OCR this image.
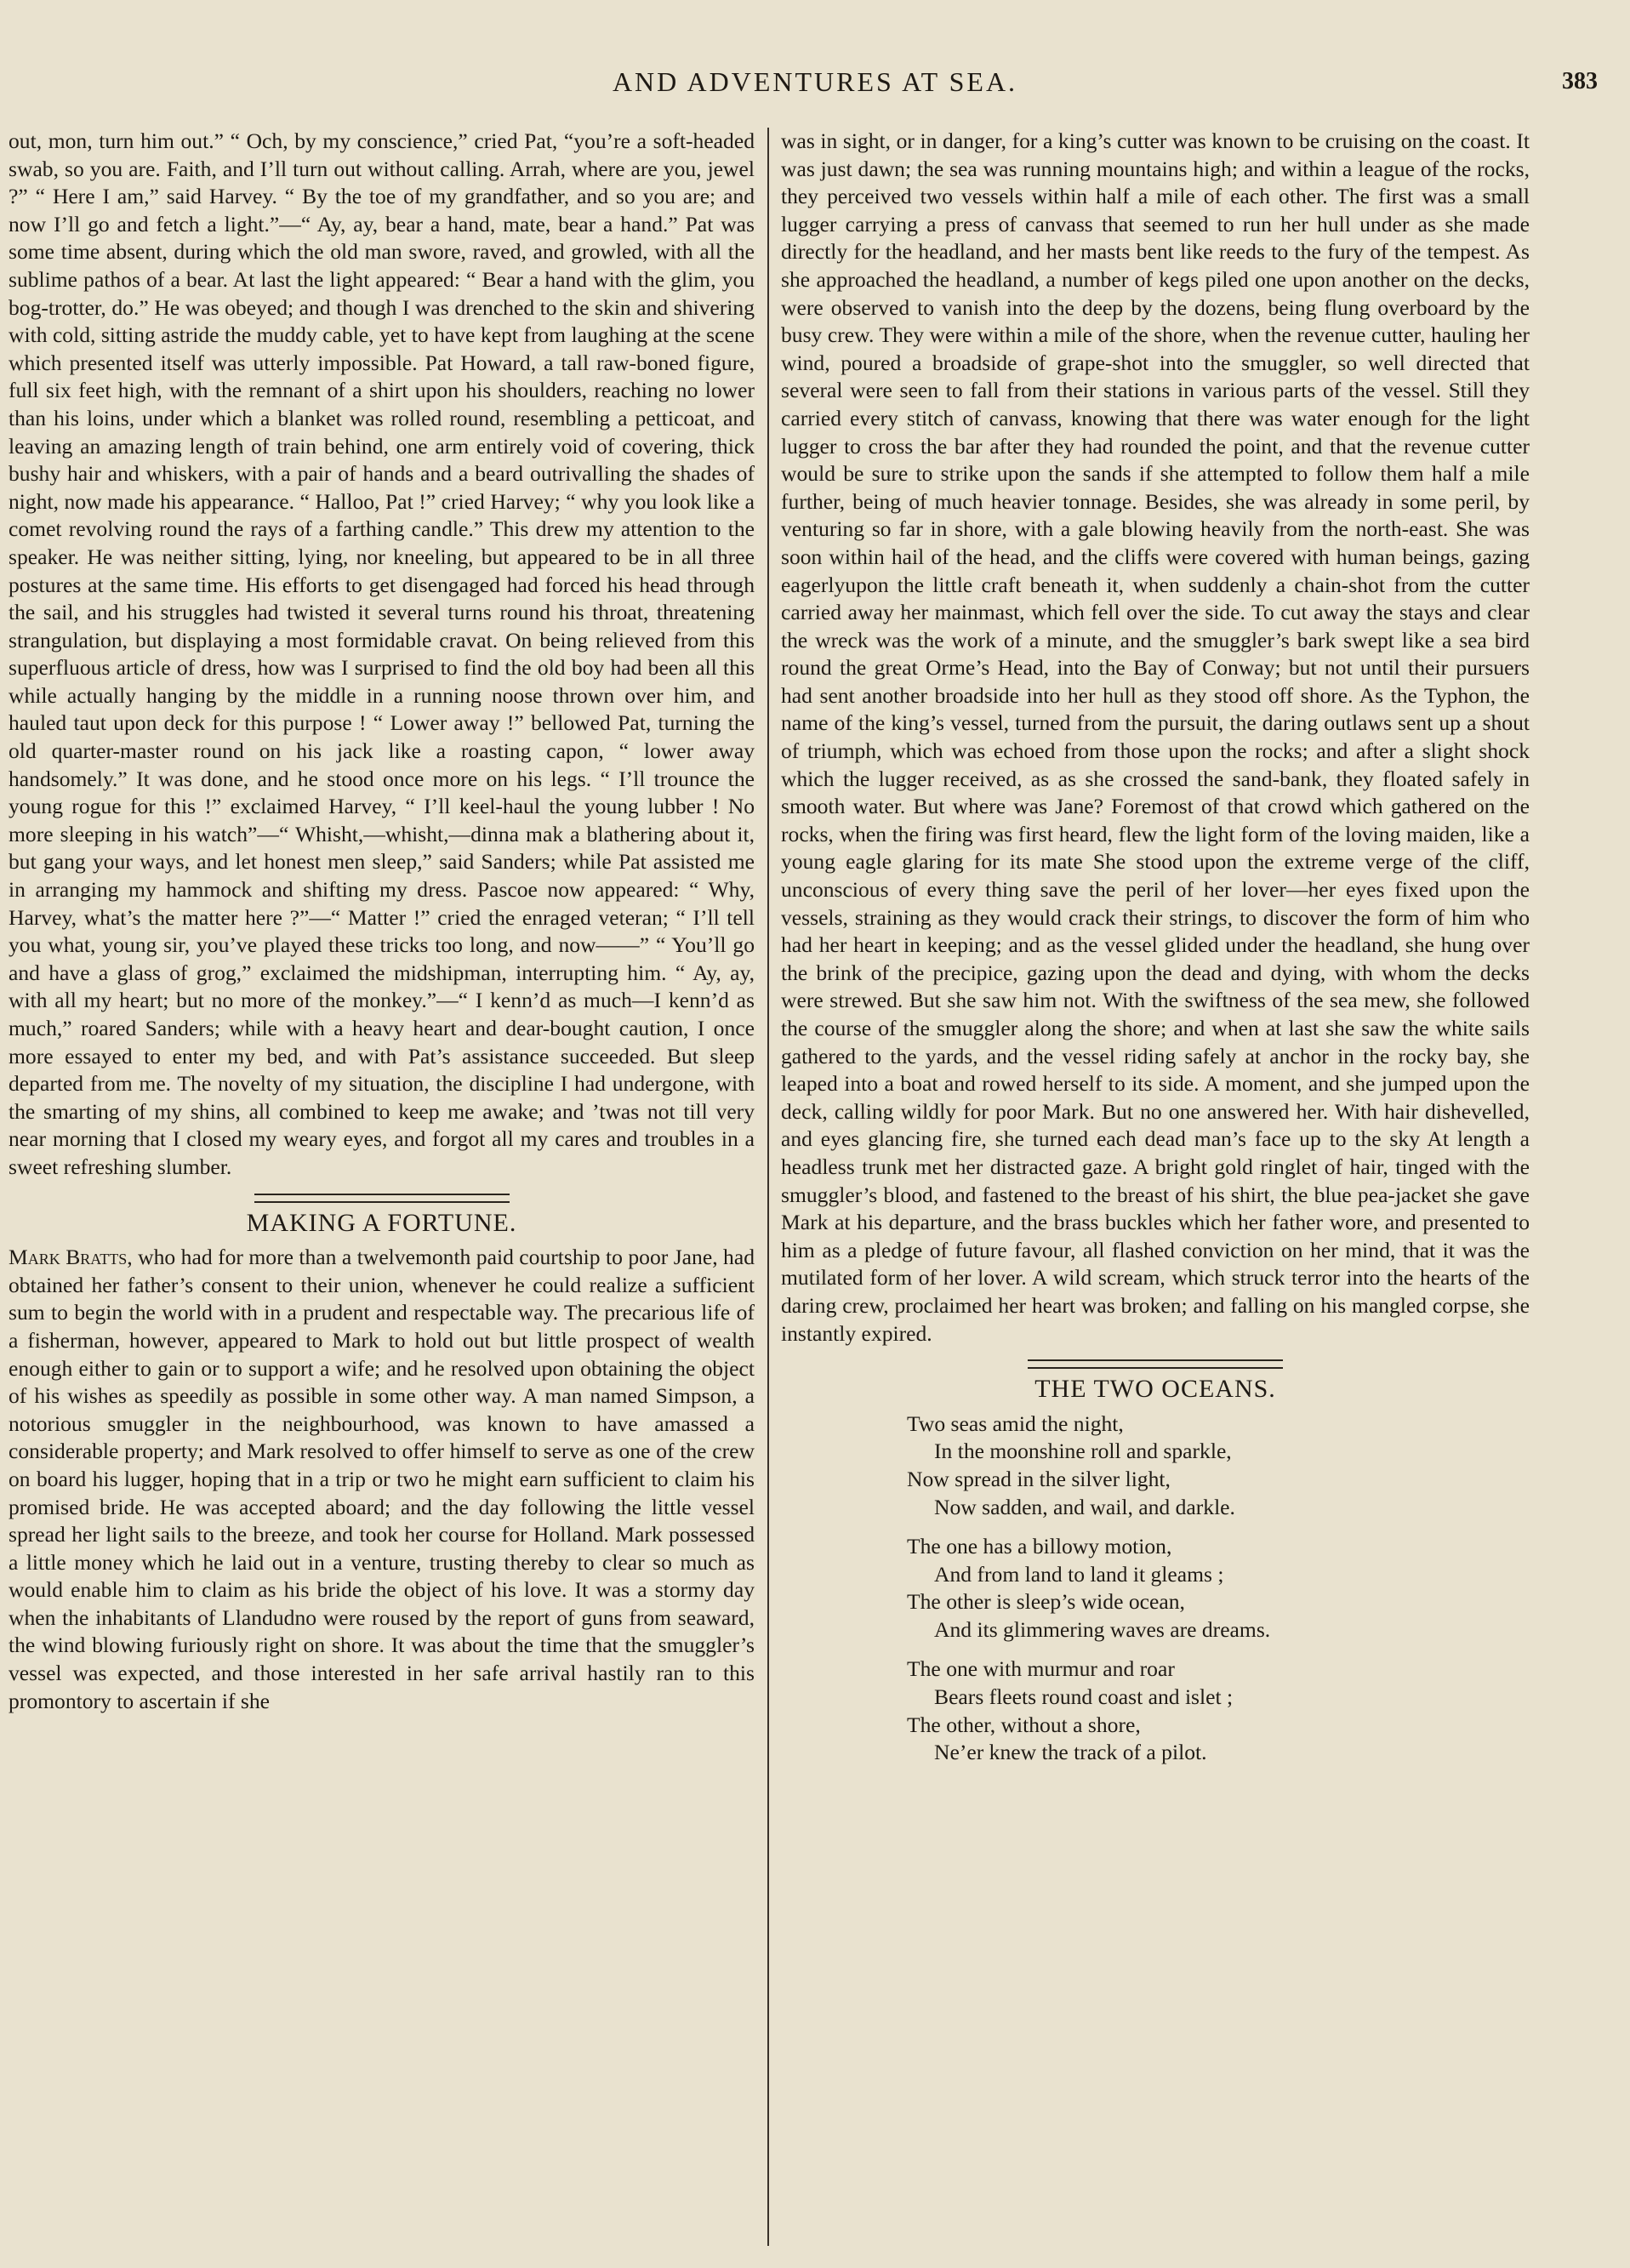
AND ADVENTURES AT SEA.	383

out, mon, turn him out.” “ Och, by my conscience,” cried Pat, “you’re a soft-headed swab, so you are. Faith, and I’ll turn out without calling. Arrah, where are you, jewel ?” “ Here I am,” said Harvey. “ By the toe of my grandfather, and so you are; and now I’ll go and fetch a light.”—“ Ay, ay, bear a hand, mate, bear a hand.” Pat was some time absent, during which the old man swore, raved, and growled, with all the sublime pathos of a bear. At last the light appeared: “ Bear a hand with the glim, you bog-trotter, do.” He was obeyed; and though I was drenched to the skin and shivering with cold, sitting astride the muddy cable, yet to have kept from laughing at the scene which presented itself was utterly impossible. Pat Howard, a tall raw-boned figure, full six feet high, with the remnant of a shirt upon his shoulders, reaching no lower than his loins, under which a blanket was rolled round, resembling a petticoat, and leaving an amazing length of train behind, one arm entirely void of covering, thick bushy hair and whiskers, with a pair of hands and a beard outrivalling the shades of night, now made his appearance. “ Halloo, Pat !” cried Harvey; “ why you look like a comet revolving round the rays of a farthing candle.” This drew my attention to the speaker. He was neither sitting, lying, nor kneeling, but appeared to be in all three postures at the same time. His efforts to get disengaged had forced his head through the sail, and his struggles had twisted it several turns round his throat, threatening strangulation, but displaying a most formidable cravat. On being relieved from this superfluous article of dress, how was I surprised to find the old boy had been all this while actually hanging by the middle in a running noose thrown over him, and hauled taut upon deck for this purpose ! “ Lower away !” bellowed Pat, turning the old quarter-master round on his jack like a roasting capon, “ lower away handsomely.” It was done, and he stood once more on his legs. “ I’ll trounce the young rogue for this !” exclaimed Harvey, “ I’ll keel-haul the young lubber ! No more sleeping in his watch”—“ Whisht,—whisht,—dinna mak a blathering about it, but gang your ways, and let honest men sleep,” said Sanders; while Pat assisted me in arranging my hammock and shifting my dress. Pascoe now appeared: “ Why, Harvey, what’s the matter here ?”—“ Matter !” cried the enraged veteran; “ I’ll tell you what, young sir, you’ve played these tricks too long, and now——” “ You’ll go and have a glass of grog,” exclaimed the midshipman, interrupting him. “ Ay, ay, with all my heart; but no more of the monkey.”—“ I kenn’d as much—I kenn’d as much,” roared Sanders; while with a heavy heart and dear-bought caution, I once more essayed to enter my bed, and with Pat’s assistance succeeded. But sleep departed from me. The novelty of my situation, the discipline I had undergone, with the smarting of my shins, all combined to keep me awake; and ’twas not till very near morning that I closed my weary eyes, and forgot all my cares and troubles in a sweet refreshing slumber.

MAKING A FORTUNE.

Mark Bratts, who had for more than a twelvemonth paid courtship to poor Jane, had obtained her father’s consent to their union, whenever he could realize a sufficient sum to begin the world with in a prudent and respectable way. The precarious life of a fisherman, however, appeared to Mark to hold out but little prospect of wealth enough either to gain or to support a wife; and he resolved upon obtaining the object of his wishes as speedily as possible in some other way. A man named Simpson, a notorious smuggler in the neighbourhood, was known to have amassed a considerable property; and Mark resolved to offer himself to serve as one of the crew on board his lugger, hoping that in a trip or two he might earn sufficient to claim his promised bride. He was accepted aboard; and the day following the little vessel spread her light sails to the breeze, and took her course for Holland. Mark possessed a little money which he laid out in a venture, trusting thereby to clear so much as would enable him to claim as his bride the object of his love. It was a stormy day when the inhabitants of Llandudno were roused by the report of guns from seaward, the wind blowing furiously right on shore. It was about the time that the smuggler’s vessel was expected, and those interested in her safe arrival hastily ran to this promontory to ascertain if she

was in sight, or in danger, for a king’s cutter was known to be cruising on the coast. It was just dawn; the sea was running mountains high; and within a league of the rocks, they perceived two vessels within half a mile of each other. The first was a small lugger carrying a press of canvass that seemed to run her hull under as she made directly for the headland, and her masts bent like reeds to the fury of the tempest. As she approached the headland, a number of kegs piled one upon another on the decks, were observed to vanish into the deep by the dozens, being flung overboard by the busy crew. They were within a mile of the shore, when the revenue cutter, hauling her wind, poured a broadside of grape-shot into the smuggler, so well directed that several were seen to fall from their stations in various parts of the vessel. Still they carried every stitch of canvass, knowing that there was water enough for the light lugger to cross the bar after they had rounded the point, and that the revenue cutter would be sure to strike upon the sands if she attempted to follow them half a mile further, being of much heavier tonnage. Besides, she was already in some peril, by venturing so far in shore, with a gale blowing heavily from the north-east. She was soon within hail of the head, and the cliffs were covered with human beings, gazing eagerlyupon the little craft beneath it, when suddenly a chain-shot from the cutter carried away her mainmast, which fell over the side. To cut away the stays and clear the wreck was the work of a minute, and the smuggler’s bark swept like a sea bird round the great Orme’s Head, into the Bay of Conway; but not until their pursuers had sent another broadside into her hull as they stood off shore. As the Typhon, the name of the king’s vessel, turned from the pursuit, the daring outlaws sent up a shout of triumph, which was echoed from those upon the rocks; and after a slight shock which the lugger received, as as she crossed the sand-bank, they floated safely in smooth water. But where was Jane? Foremost of that crowd which gathered on the rocks, when the firing was first heard, flew the light form of the loving maiden, like a young eagle glaring for its mate She stood upon the extreme verge of the cliff, unconscious of every thing save the peril of her lover—her eyes fixed upon the vessels, straining as they would crack their strings, to discover the form of him who had her heart in keeping; and as the vessel glided under the headland, she hung over the brink of the precipice, gazing upon the dead and dying, with whom the decks were strewed. But she saw him not. With the swiftness of the sea mew, she followed the course of the smuggler along the shore; and when at last she saw the white sails gathered to the yards, and the vessel riding safely at anchor in the rocky bay, she leaped into a boat and rowed herself to its side. A moment, and she jumped upon the deck, calling wildly for poor Mark. But no one answered her. With hair dishevelled, and eyes glancing fire, she turned each dead man’s face up to the sky At length a headless trunk met her distracted gaze. A bright gold ringlet of hair, tinged with the smuggler’s blood, and fastened to the breast of his shirt, the blue pea-jacket she gave Mark at his departure, and the brass buckles which her father wore, and presented to him as a pledge of future favour, all flashed conviction on her mind, that it was the mutilated form of her lover. A wild scream, which struck terror into the hearts of the daring crew, proclaimed her heart was broken; and falling on his mangled corpse, she instantly expired.

THE TWO OCEANS.
Two seas amid the night,
In the moonshine roll and sparkle,
Now spread in the silver light,
Now sadden, and wail, and darkle.
The one has a billowy motion,
And from land to land it gleams ;
The other is sleep’s wide ocean,
And its glimmering waves are dreams.
The one with murmur and roar
Bears fleets round coast and islet ;
The other, without a shore,
Ne’er knew the track of a pilot.
